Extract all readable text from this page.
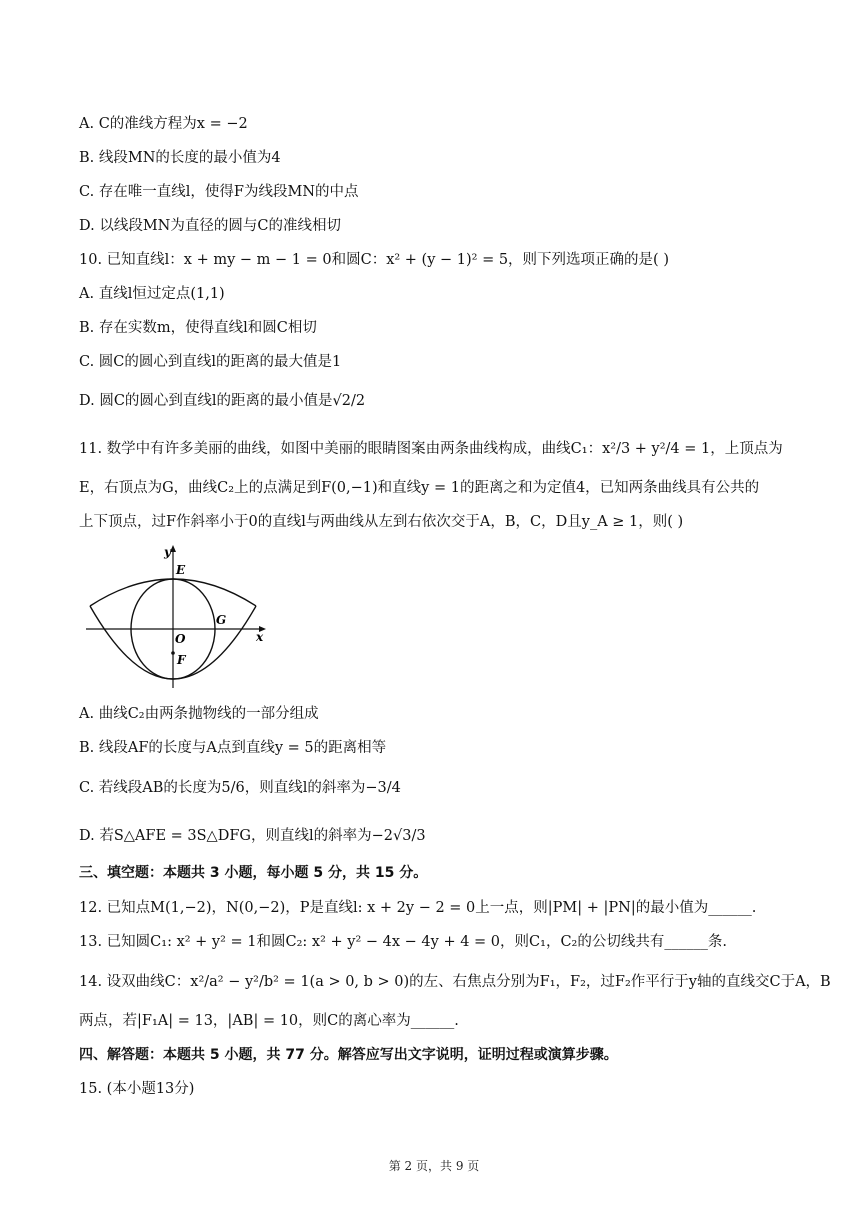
A. C的准线方程为x = −2
B. 线段MN的长度的最小值为4
C. 存在唯一直线l，使得F为线段MN的中点
D. 以线段MN为直径的圆与C的准线相切
10. 已知直线l：x + my − m − 1 = 0和圆C：x² + (y − 1)² = 5，则下列选项正确的是( )
A. 直线l恒过定点(1,1)
B. 存在实数m，使得直线l和圆C相切
C. 圆C的圆心到直线l的距离的最大值是1
D. 圆C的圆心到直线l的距离的最小值是√2/2
11. 数学中有许多美丽的曲线，如图中美丽的眼睛图案由两条曲线构成，曲线C₁：x²/3 + y²/4 = 1，上顶点为
E，右顶点为G，曲线C₂上的点满足到F(0,−1)和直线y = 1的距离之和为定值4，已知两条曲线具有公共的
上下顶点，过F作斜率小于0的直线l与两曲线从左到右依次交于A，B，C，D且y_A ≥ 1，则( )
y
x
E
G
O
F
A. 曲线C₂由两条抛物线的一部分组成
B. 线段AF的长度与A点到直线y = 5的距离相等
C. 若线段AB的长度为5/6，则直线l的斜率为−3/4
D. 若S△AFE = 3S△DFG，则直线l的斜率为−2√3/3
三、填空题：本题共 3 小题，每小题 5 分，共 15 分。
12. 已知点M(1,−2)，N(0,−2)，P是直线l: x + 2y − 2 = 0上一点，则|PM| + |PN|的最小值为______.
13. 已知圆C₁: x² + y² = 1和圆C₂: x² + y² − 4x − 4y + 4 = 0，则C₁，C₂的公切线共有______条.
14. 设双曲线C：x²/a² − y²/b² = 1(a > 0, b > 0)的左、右焦点分别为F₁，F₂，过F₂作平行于y轴的直线交C于A，B
两点，若|F₁A| = 13，|AB| = 10，则C的离心率为______.
四、解答题：本题共 5 小题，共 77 分。解答应写出文字说明，证明过程或演算步骤。
15. (本小题13分)
第 2 页，共 9 页
